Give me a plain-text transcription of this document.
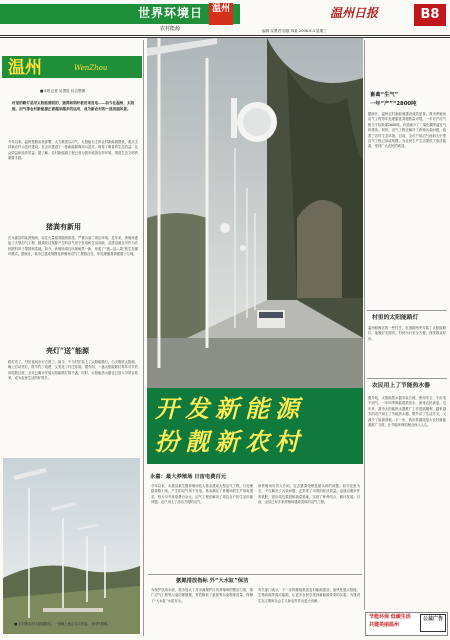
世界环境日 温州
农村能源
温州日报	B8
编辑 吴勇进 组版 林某 2008.6.4 星期三
温州	WenZhou
■本报记者 吴勇进 综合整理
村里的路灯是用太阳能照明的，猪粪和秸秆被用来发电……如今在温州，太阳能、沼气等农村新能源正被越来越多的运用，成为新农村的一道亮丽风景。
今年以来，温州按照省里部署，大力推进以沼气、太阳能为主的农村新能源建设，重点支持新农村示范村建设，在全市建设了一批新能源利用示范村，取得了明显的生态效益、社会效益和经济效益。据了解，农村新能源工程已成为我市改善农村环境、推进生态文明的重要手段。
猪粪有新用
在永嘉县的某养殖场，以往大量猪粪随意排放，严重污染了周边环境。近年来，养殖场建起了大型沼气工程，猪粪经过发酵产生的沼气用于发电和生活用能，沼渣沼液还可作为有机肥料用于果园和菜地。如今，养殖场周边环境焕然一新，形成了“猪—沼—果”的生态循环模式。据统计，我市已建成规模化养殖场沼气工程数百处，年处理畜禽粪便数十万吨。
亮灯“送”能源
路灯亮了，村民夜间出行方便了。如今，不少村庄装上了太阳能路灯，白天吸收太阳能，晚上自动亮灯，既节约了电费，又美化了村庄环境。据介绍，一盏太阳能路灯每年可节约用电数百度，全市已累计安装太阳能路灯数千盏。同时，太阳能热水器也已进入寻常百姓家，成为农民生活的好帮手。
■ 农村街头的太阳能路灯，一到晚上就会自动亮起，为村民照明。
开发新能源
扮靓新农村
永嘉：最大养殖场 日宙电费百元
今年以来，永嘉县某生猪养殖场投入资金建成大型沼气工程，日处理猪粪数十吨，产生的沼气用于发电，基本满足了养殖场的生产用电需求，每天可节省电费百余元。沼气工程还解决了周边农户的生活用能问题，农户用上了清洁方便的沼气。
该养殖场负责人介绍，过去猪粪处理是最头疼的问题，如今变废为宝，不仅解决了污染问题，还带来了可观的经济效益。沼渣沼液用作有机肥，供应周边果园和蔬菜基地，实现了种养结合、循环发展。目前，全县已有多家养殖场建成类似的沼气工程。
氨氮排放指标 外“大水缸”保洁
为保护饮用水源，我市加大了对水源保护区内养殖场的整治力度，推广沼气工程等污染治理措施，有效降低了氨氮等污染物排放量，保障了“大水缸”水质安全。
有关部门表示，下一步将继续推进农村能源建设，加快发展太阳能、生物质能等清洁能源，让更多农民享受到新能源带来的实惠，为建设生态文明和社会主义新农村作出更大贡献。
畜禽“生气”
一年“产”“2800吨
据统计，温州农村新能源建设成效显著。我市养殖场沼气工程每年处理畜禽粪便数量可观，一年可产沼气相当于标准煤2800吨，有效减少了二氧化碳等温室气体排放。同时，沼气工程还解决了养殖污染问题，改善了农村生态环境。目前，全市户用沼气池和大中型沼气工程已形成规模，为农民生产生活提供了清洁能源，受到广大农民的欢迎。
村里的太阳能路灯
温州瓯海区的一些村庄，在道路两旁安装了太阳能路灯，夜晚灯光明亮，村民出行安全方便，深受群众好评。
农民用上了节能热水器
据介绍，太阳能热水器安装方便，使用安全，不用电不用气，一年四季都能提供热水，深受农民欢迎。近年来，我市太阳能热水器推广工作进展顺利，越来越多的农户用上了节能热水器，既节省了生活开支，又减少了能源消耗。下一步，我市将继续加大农村新能源推广力度，让节能环保的理念深入人心。
节能环保 低碳生活
共建美丽温州
公益广告
